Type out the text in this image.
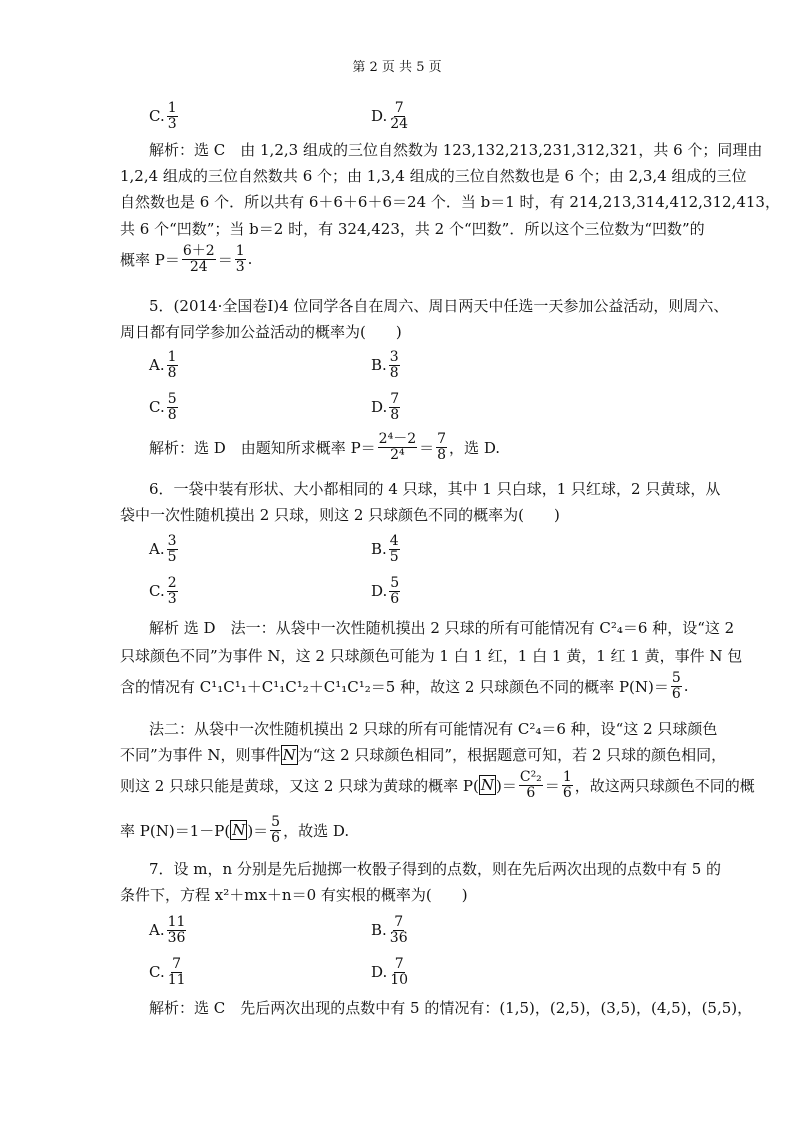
第 2 页 共 5 页
C. $\frac{1}{3}$	D. $\frac{7}{24}$
解析：选 C　由 1,2,3 组成的三位自然数为 123,132,213,231,312,321，共 6 个；同理由
1,2,4 组成的三位自然数共 6 个；由 1,3,4 组成的三位自然数也是 6 个；由 2,3,4 组成的三位
自然数也是 6 个．所以共有 6＋6＋6＋6＝24 个．当 b＝1 时，有 214,213,314,412,312,413，
共 6 个“凹数”；当 b＝2 时，有 324,423，共 2 个“凹数”．所以这个三位数为“凹数”的
概率 $P= \frac{6+2}{24} = \frac{1}{3}$ .
5．(2014·全国卷Ⅰ)4 位同学各自在周六、周日两天中任选一天参加公益活动，则周六、
周日都有同学参加公益活动的概率为(　　)
A. $\frac{1}{8}$	B. $\frac{3}{8}$
C. $\frac{5}{8}$	D. $\frac{7}{8}$
解析：选 D　由题知所求概率 $P= \frac{\text{2⁴－2}}{\text{2⁴}} = \frac{7}{8}$ ，选 D.
6．一袋中装有形状、大小都相同的 4 只球，其中 1 只白球，1 只红球，2 只黄球，从
袋中一次性随机摸出 2 只球，则这 2 只球颜色不同的概率为(　　)
A. $\frac{3}{5}$	B. $\frac{4}{5}$
C. $\frac{2}{3}$	D. $\frac{5}{6}$
解析 选 D　法一：从袋中一次性随机摸出 2 只球的所有可能情况有 C²₄＝6 种，设“这 2
只球颜色不同”为事件 N，这 2 只球颜色可能为 1 白 1 红，1 白 1 黄，1 红 1 黄，事件 N 包
含的情况有 C¹₁C¹₁＋C¹₁C¹₂＋C¹₁C¹₂＝5 种，故这 2 只球颜色不同的概率 $P(N)= \frac{5}{6}$ .
法二：从袋中一次性随机摸出 2 只球的所有可能情况有 C²₄＝6 种，设“这 2 只球颜色
不同”为事件 N，则事件 $\overline{N}$ 为“这 2 只球颜色相同”，根据题意可知，若 2 只球的颜色相同，
则这 2 只球只能是黄球，又这 2 只球为黄球的概率 P( $\overline{N}$ )＝ $\frac{\text{C²₂}}{6} = \frac{1}{6}$ ，故这两只球颜色不同的概
率 P(N)＝1－P( $\overline{N}$ )＝ $\frac{5}{6}$ ，故选 D.
7．设 m，n 分别是先后抛掷一枚骰子得到的点数，则在先后两次出现的点数中有 5 的
条件下，方程 x²＋mx＋n＝0 有实根的概率为(　　)
A. $\frac{11}{36}$	B. $\frac{7}{36}$
C. $\frac{7}{11}$	D. $\frac{7}{10}$
解析：选 C　先后两次出现的点数中有 5 的情况有：(1,5)，(2,5)，(3,5)，(4,5)，(5,5)，
